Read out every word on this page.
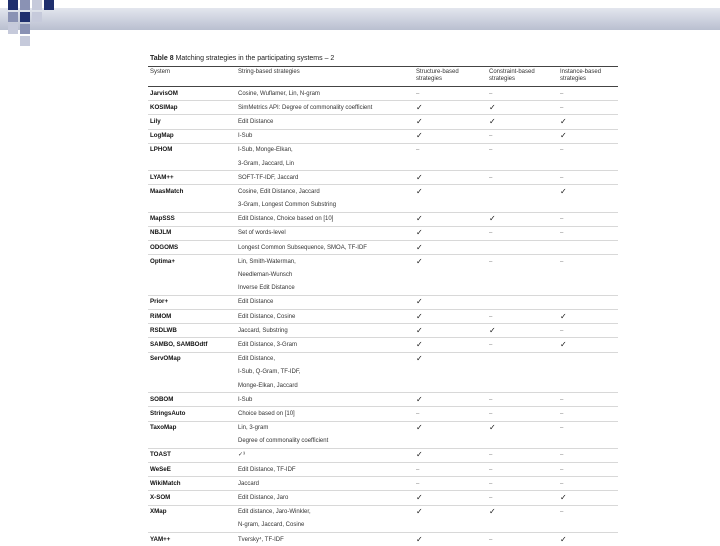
Table 8 Matching strategies in the participating systems – 2
System	String-based strategies	Structure-based strategies	Constraint-based strategies	Instance-based strategies
JarvisOM	Cosine, Wuflamer, Lin, N-gram	–	–	–
KOSIMap	SimMetrics API: Degree of commonality coefficient	✓	✓	–
Lily	Edit Distance	✓	✓	✓
LogMap	I-Sub	✓	–	✓
LPHOM	I-Sub, Monge-Elkan,	–	–	–
	3-Gram, Jaccard, Lin			
LYAM++	SOFT-TF-IDF, Jaccard	✓	–	–
MaasMatch	Cosine, Edit Distance, Jaccard	✓		✓
	3-Gram, Longest Common Substring			
MapSSS	Edit Distance, Choice based on [10]	✓	✓	–
NBJLM	Set of words-level	✓	–	–
ODGOMS	Longest Common Subsequence, SMOA, TF-IDF	✓		
Optima+	Lin, Smith-Waterman,	✓	–	–
	Needleman-Wunsch			
	Inverse Edit Distance			
Prior+	Edit Distance	✓		
RiMOM	Edit Distance, Cosine	✓	–	✓
RSDLWB	Jaccard, Substring	✓	✓	–
SAMBO, SAMBOdtf	Edit Distance, 3-Gram	✓	–	✓
ServOMap	Edit Distance,	✓		
	I-Sub, Q-Gram, TF-IDF,			
	Monge-Elkan, Jaccard			
SOBOM	I-Sub	✓	–	–
StringsAuto	Choice based on [10]	–	–	–
TaxoMap	Lin, 3-gram	✓	✓	–
	Degree of commonality coefficient			
TOAST	✓³	✓	–	–
WeSeE	Edit Distance, TF-IDF	–	–	–
WikiMatch	Jaccard	–	–	–
X-SOM	Edit Distance, Jaro	✓	–	✓
XMap	Edit distance, Jaro-Winkler,	✓	✓	–
	N-gram, Jaccard, Cosine			
YAM++	Tversky⁴, TF-IDF	✓	–	✓
